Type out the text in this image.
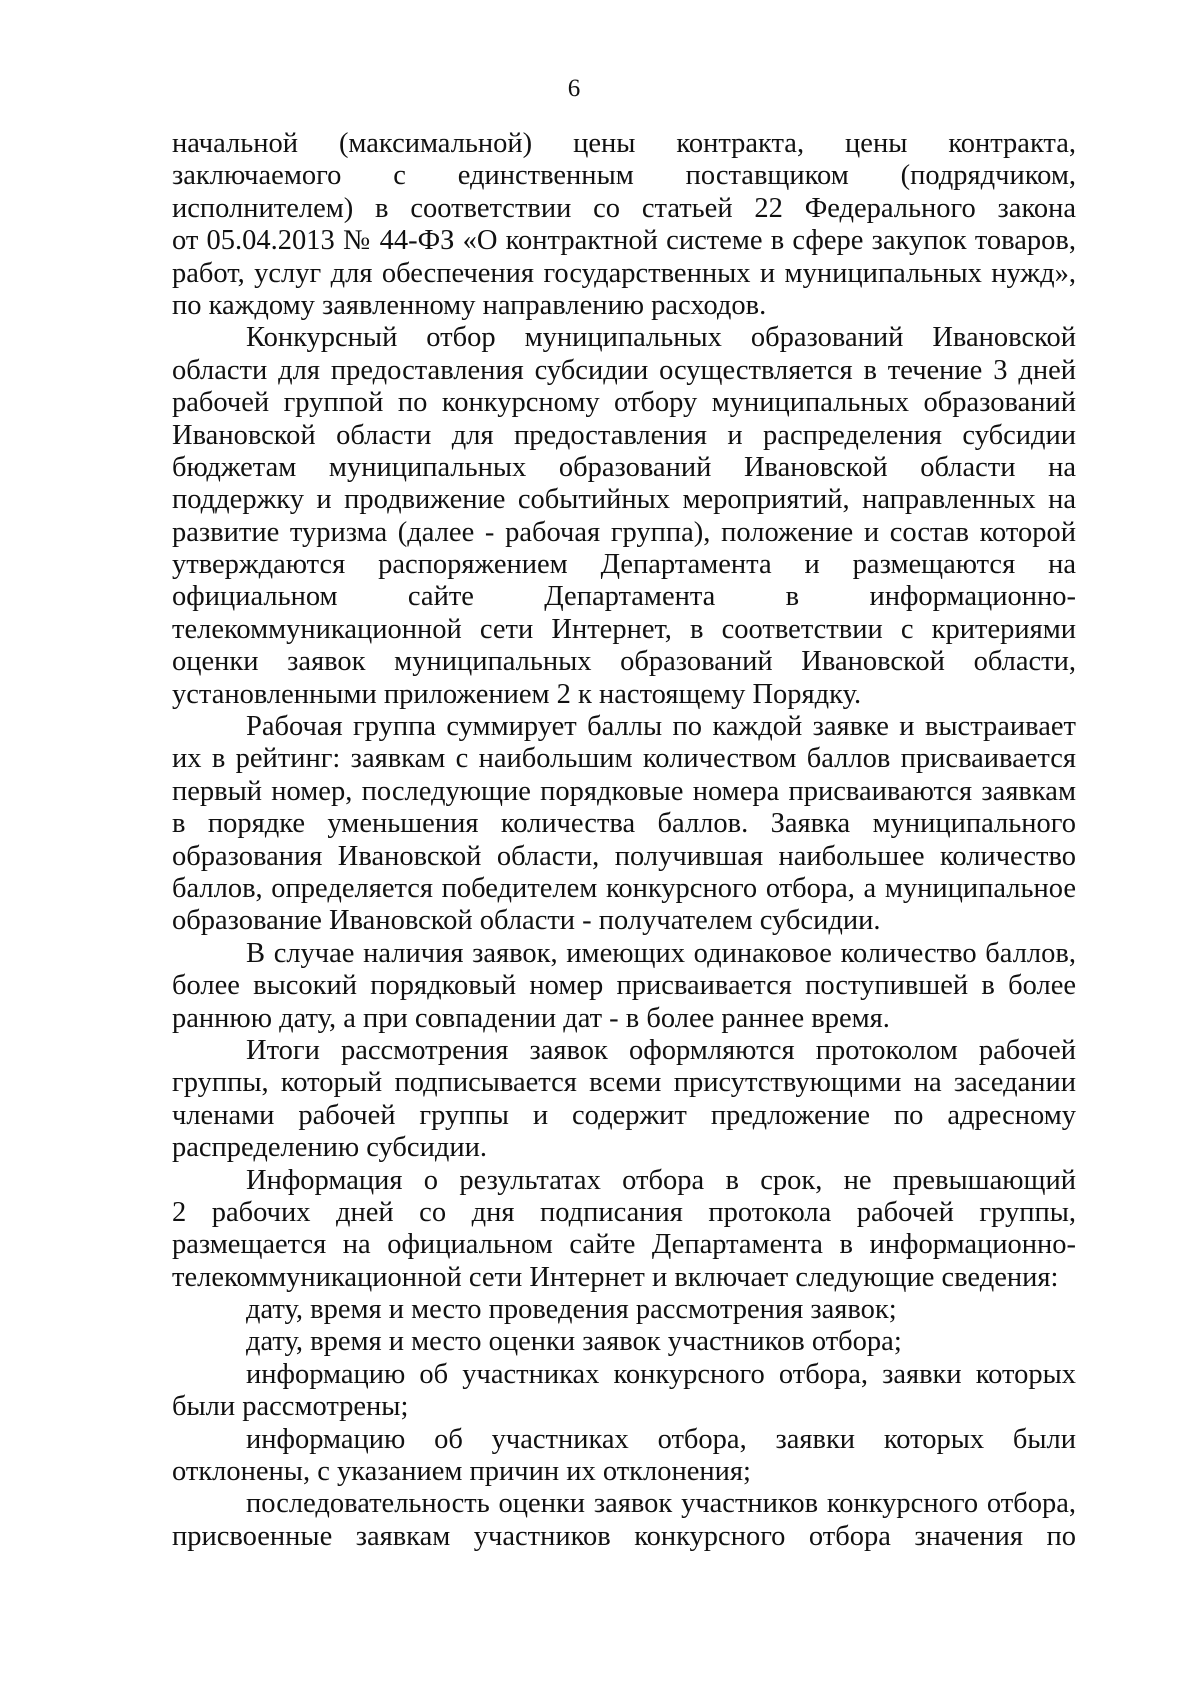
6
начальной (максимальной) цены контракта, цены контракта,
заключаемого с единственным поставщиком (подрядчиком,
исполнителем) в соответствии со статьей 22 Федерального закона
от 05.04.2013 № 44-ФЗ «О контрактной системе в сфере закупок товаров,
работ, услуг для обеспечения государственных и муниципальных нужд»,
по каждому заявленному направлению расходов.
Конкурсный отбор муниципальных образований Ивановской
области для предоставления субсидии осуществляется в течение 3 дней
рабочей группой по конкурсному отбору муниципальных образований
Ивановской области для предоставления и распределения субсидии
бюджетам муниципальных образований Ивановской области на
поддержку и продвижение событийных мероприятий, направленных на
развитие туризма (далее - рабочая группа), положение и состав которой
утверждаются распоряжением Департамента и размещаются на
официальном сайте Департамента в информационно-
телекоммуникационной сети Интернет, в соответствии с критериями
оценки заявок муниципальных образований Ивановской области,
установленными приложением 2 к настоящему Порядку.
Рабочая группа суммирует баллы по каждой заявке и выстраивает
их в рейтинг: заявкам с наибольшим количеством баллов присваивается
первый номер, последующие порядковые номера присваиваются заявкам
в порядке уменьшения количества баллов. Заявка муниципального
образования Ивановской области, получившая наибольшее количество
баллов, определяется победителем конкурсного отбора, а муниципальное
образование Ивановской области - получателем субсидии.
В случае наличия заявок, имеющих одинаковое количество баллов,
более высокий порядковый номер присваивается поступившей в более
раннюю дату, а при совпадении дат - в более раннее время.
Итоги рассмотрения заявок оформляются протоколом рабочей
группы, который подписывается всеми присутствующими на заседании
членами рабочей группы и содержит предложение по адресному
распределению субсидии.
Информация о результатах отбора в срок, не превышающий
2 рабочих дней со дня подписания протокола рабочей группы,
размещается на официальном сайте Департамента в информационно-
телекоммуникационной сети Интернет и включает следующие сведения:
дату, время и место проведения рассмотрения заявок;
дату, время и место оценки заявок участников отбора;
информацию об участниках конкурсного отбора, заявки которых
были рассмотрены;
информацию об участниках отбора, заявки которых были
отклонены, с указанием причин их отклонения;
последовательность оценки заявок участников конкурсного отбора,
присвоенные заявкам участников конкурсного отбора значения по
